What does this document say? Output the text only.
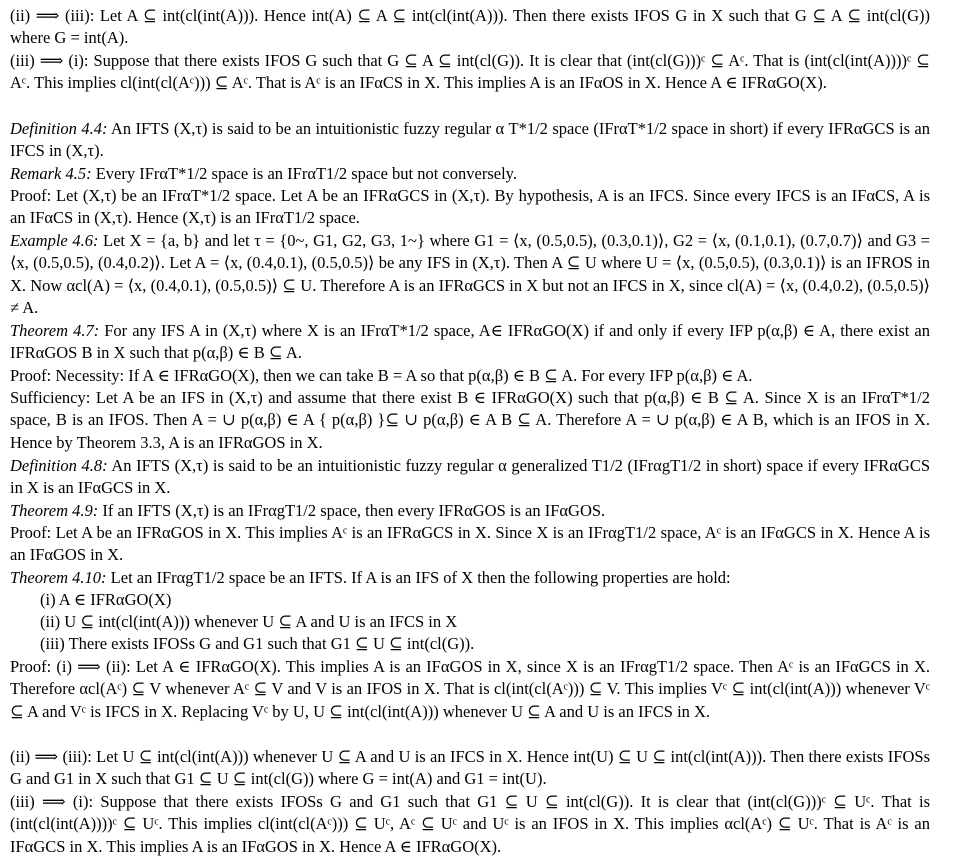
(ii) ⟹ (iii): Let A ⊆ int(cl(int(A))). Hence int(A) ⊆ A ⊆ int(cl(int(A))). Then there exists IFOS G in X such that G ⊆ A ⊆ int(cl(G)) where G = int(A).

(iii) ⟹ (i): Suppose that there exists IFOS G such that G ⊆ A ⊆ int(cl(G)). It is clear that (int(cl(G)))ᶜ ⊆ Aᶜ. That is (int(cl(int(A))))ᶜ ⊆ Aᶜ. This implies cl(int(cl(Aᶜ))) ⊆ Aᶜ. That is Aᶜ is an IFαCS in X. This implies A is an IFαOS in X. Hence A ∈ IFRαGO(X).

Definition 4.4: An IFTS (X,τ) is said to be an intuitionistic fuzzy regular α T*1/2 space (IFrαT*1/2 space in short) if every IFRαGCS is an IFCS in (X,τ).

Remark 4.5: Every IFrαT*1/2 space is an IFrαT1/2 space but not conversely.

Proof: Let (X,τ) be an IFrαT*1/2 space. Let A be an IFRαGCS in (X,τ). By hypothesis, A is an IFCS. Since every IFCS is an IFαCS, A is an IFαCS in (X,τ). Hence (X,τ) is an IFrαT1/2 space.

Example 4.6: Let X = {a, b} and let τ = {0~, G1, G2, G3, 1~} where G1 = ⟨x, (0.5,0.5), (0.3,0.1)⟩, G2 = ⟨x, (0.1,0.1), (0.7,0.7)⟩ and G3 = ⟨x, (0.5,0.5), (0.4,0.2)⟩. Let A = ⟨x, (0.4,0.1), (0.5,0.5)⟩ be any IFS in (X,τ). Then A ⊆ U where U = ⟨x, (0.5,0.5), (0.3,0.1)⟩ is an IFROS in X. Now αcl(A) = ⟨x, (0.4,0.1), (0.5,0.5)⟩ ⊆ U. Therefore A is an IFRαGCS in X but not an IFCS in X, since cl(A) = ⟨x, (0.4,0.2), (0.5,0.5)⟩ ≠ A.

Theorem 4.7: For any IFS A in (X,τ) where X is an IFrαT*1/2 space, A∈ IFRαGO(X) if and only if every IFP p(α,β) ∈ A, there exist an IFRαGOS B in X such that p(α,β) ∈ B ⊆ A.

Proof: Necessity: If A ∈ IFRαGO(X), then we can take B = A so that p(α,β) ∈ B ⊆ A. For every IFP p(α,β) ∈ A.

Sufficiency: Let A be an IFS in (X,τ) and assume that there exist B ∈ IFRαGO(X) such that p(α,β) ∈ B ⊆ A. Since X is an IFrαT*1/2 space, B is an IFOS. Then A = ∪ p(α,β) ∈ A { p(α,β) }⊆ ∪ p(α,β) ∈ A B ⊆ A. Therefore A = ∪ p(α,β) ∈ A B, which is an IFOS in X. Hence by Theorem 3.3, A is an IFRαGOS in X.

Definition 4.8: An IFTS (X,τ) is said to be an intuitionistic fuzzy regular α generalized T1/2 (IFrαgT1/2 in short) space if every IFRαGCS in X is an IFαGCS in X.

Theorem 4.9: If an IFTS (X,τ) is an IFrαgT1/2 space, then every IFRαGOS is an IFαGOS.

Proof: Let A be an IFRαGOS in X. This implies Aᶜ is an IFRαGCS in X. Since X is an IFrαgT1/2 space, Aᶜ is an IFαGCS in X. Hence A is an IFαGOS in X.

Theorem 4.10: Let an IFrαgT1/2 space be an IFTS. If A is an IFS of X then the following properties are hold:

(i) A ∈ IFRαGO(X)

(ii) U ⊆ int(cl(int(A))) whenever U ⊆ A and U is an IFCS in X

(iii) There exists IFOSs G and G1 such that G1 ⊆ U ⊆ int(cl(G)).

Proof: (i) ⟹ (ii): Let A ∈ IFRαGO(X). This implies A is an IFαGOS in X, since X is an IFrαgT1/2 space. Then Aᶜ is an IFαGCS in X. Therefore αcl(Aᶜ) ⊆ V whenever Aᶜ ⊆ V and V is an IFOS in X. That is cl(int(cl(Aᶜ))) ⊆ V. This implies Vᶜ ⊆ int(cl(int(A))) whenever Vᶜ ⊆ A and Vᶜ is IFCS in X. Replacing Vᶜ by U, U ⊆ int(cl(int(A))) whenever U ⊆ A and U is an IFCS in X.

(ii) ⟹ (iii): Let U ⊆ int(cl(int(A))) whenever U ⊆ A and U is an IFCS in X. Hence int(U) ⊆ U ⊆ int(cl(int(A))). Then there exists IFOSs G and G1 in X such that G1 ⊆ U ⊆ int(cl(G)) where G = int(A) and G1 = int(U).

(iii) ⟹ (i): Suppose that there exists IFOSs G and G1 such that G1 ⊆ U ⊆ int(cl(G)). It is clear that (int(cl(G)))ᶜ ⊆ Uᶜ. That is (int(cl(int(A))))ᶜ ⊆ Uᶜ. This implies cl(int(cl(Aᶜ))) ⊆ Uᶜ, Aᶜ ⊆ Uᶜ and Uᶜ is an IFOS in X. This implies αcl(Aᶜ) ⊆ Uᶜ. That is Aᶜ is an IFαGCS in X. This implies A is an IFαGOS in X. Hence A ∈ IFRαGO(X).
